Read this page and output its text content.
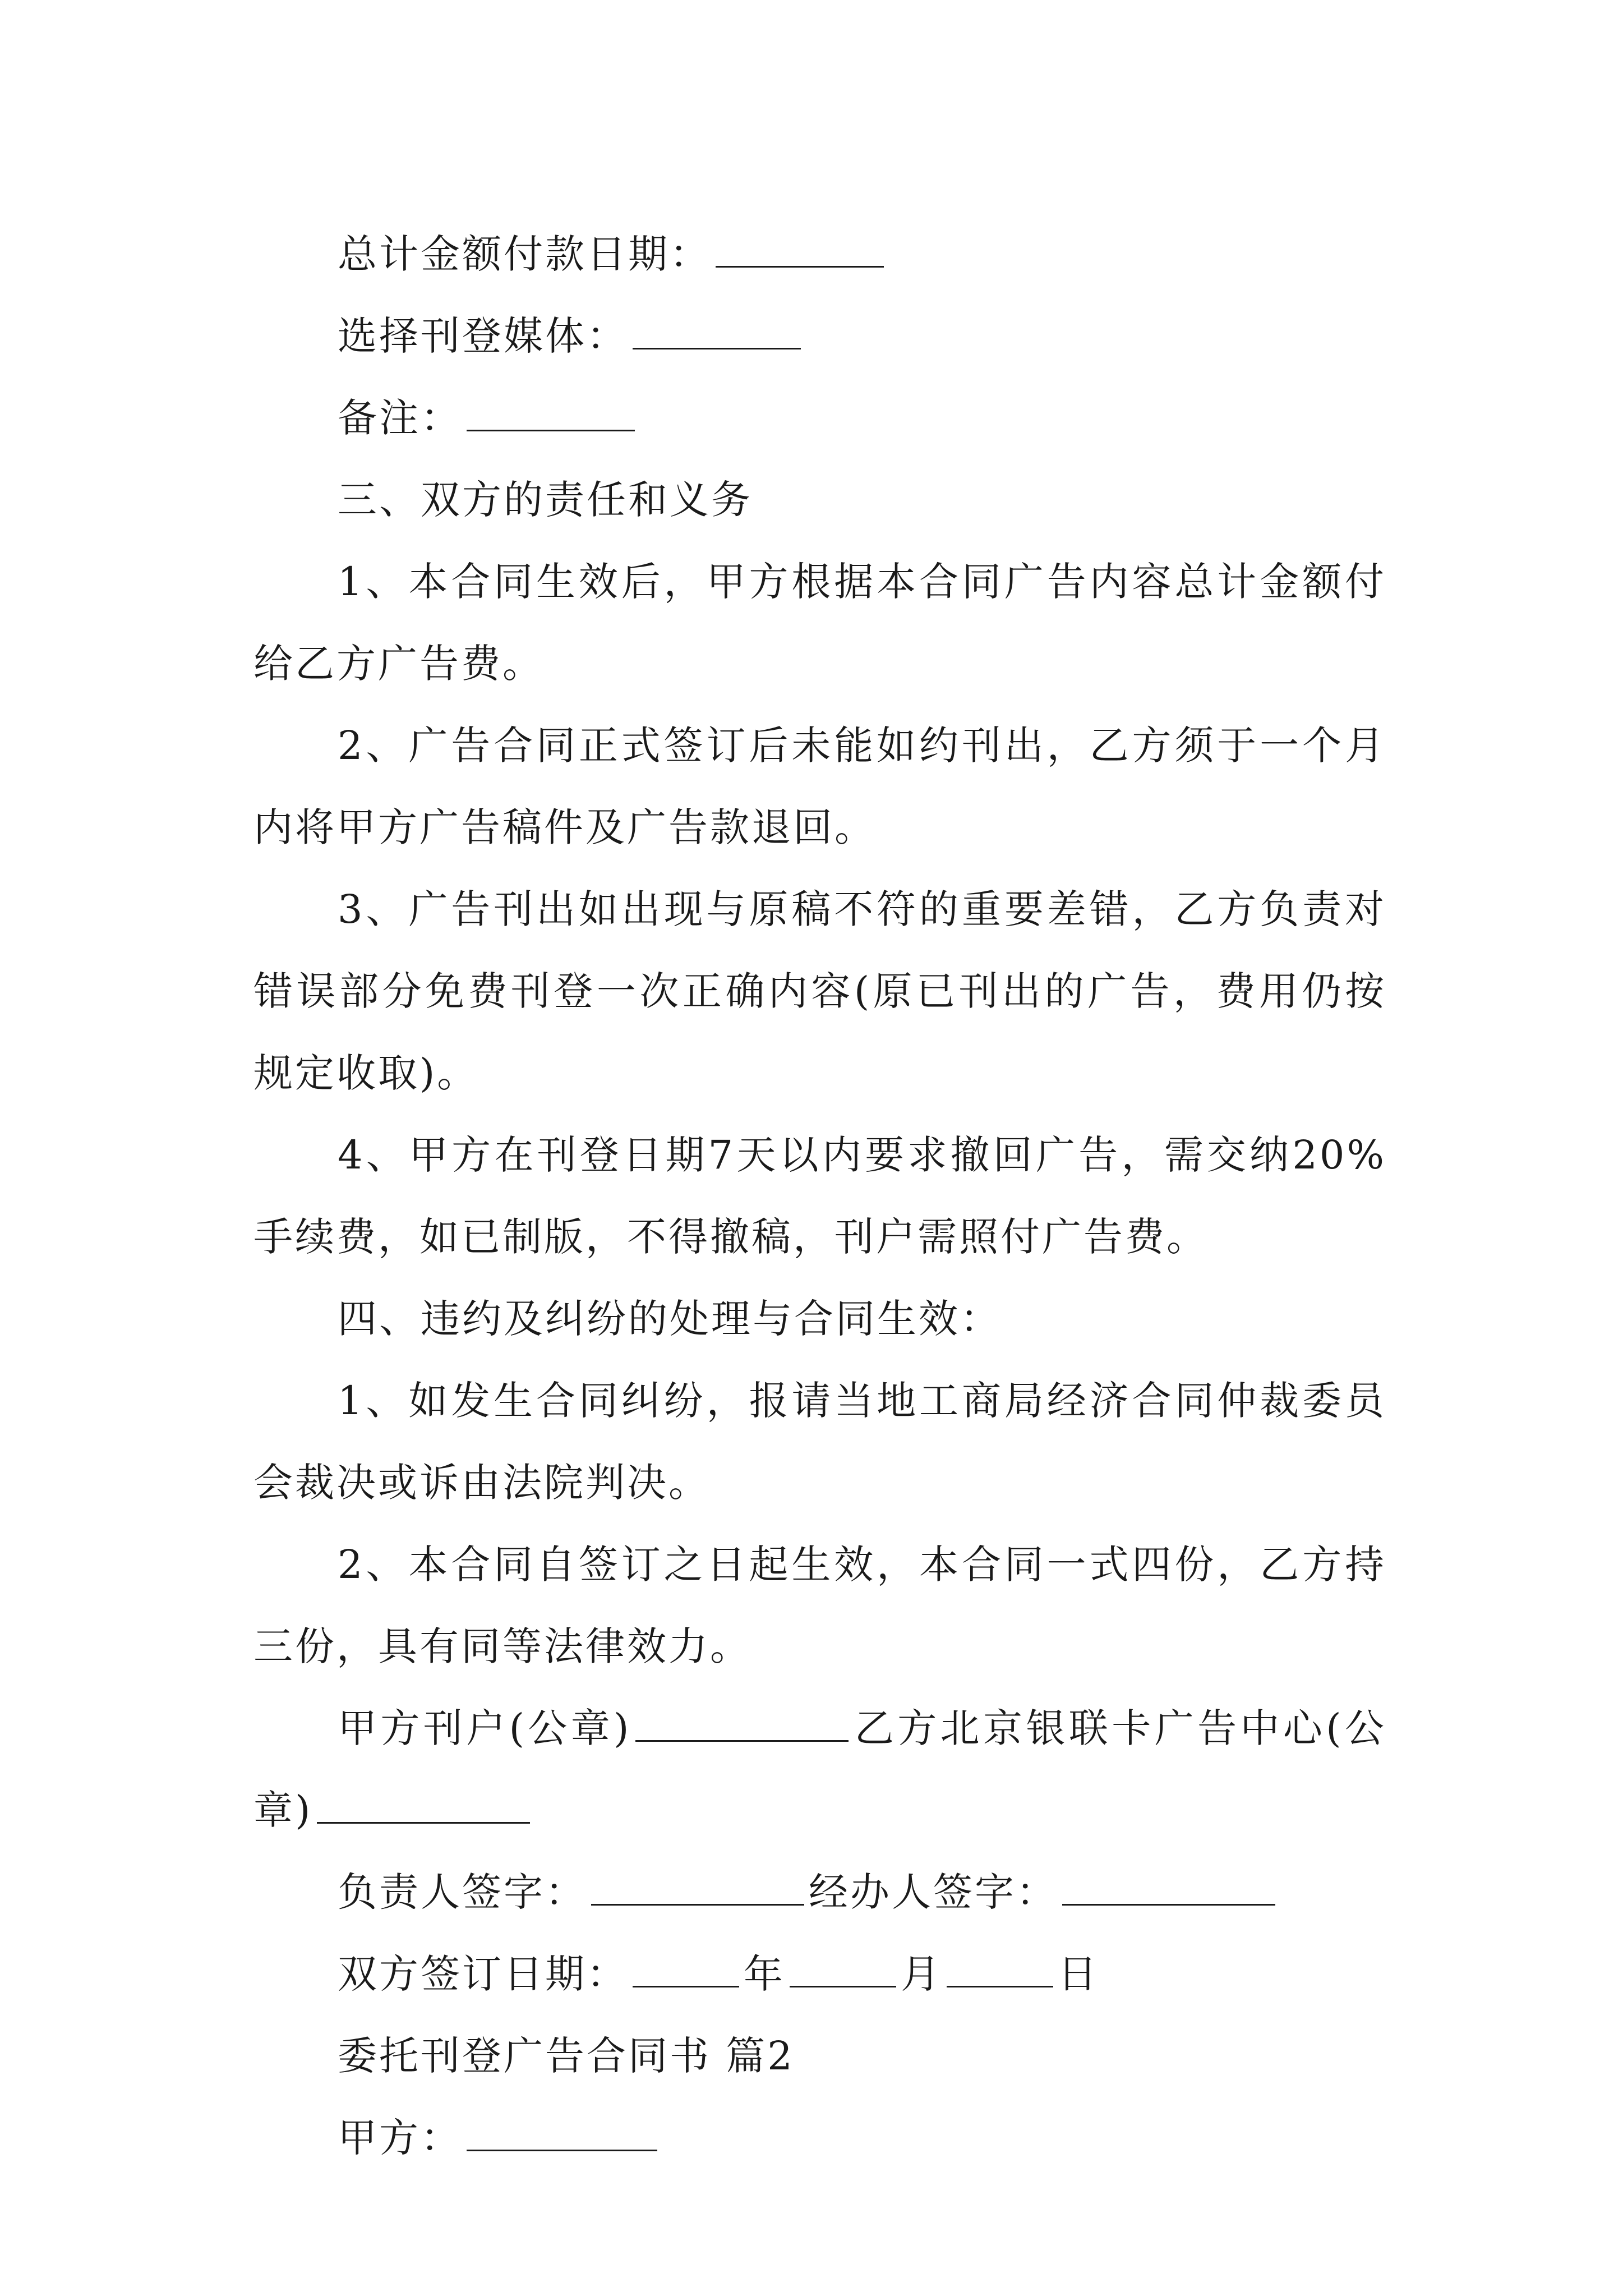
总计金额付款日期：
选择刊登媒体：
备注：
三、双方的责任和义务

1、本合同生效后，甲方根据本合同广告内容总计金额付给乙方广告费。

2、广告合同正式签订后未能如约刊出，乙方须于一个月内将甲方广告稿件及广告款退回。

3、广告刊出如出现与原稿不符的重要差错，乙方负责对错误部分免费刊登一次正确内容(原已刊出的广告，费用仍按规定收取)。

4、甲方在刊登日期7天以内要求撤回广告，需交纳20%手续费，如已制版，不得撤稿，刊户需照付广告费。

四、违约及纠纷的处理与合同生效：

1、如发生合同纠纷，报请当地工商局经济合同仲裁委员会裁决或诉由法院判决。

2、本合同自签订之日起生效，本合同一式四份，乙方持三份，具有同等法律效力。

甲方刊户(公章)	乙方北京银联卡广告中心(公章)

负责人签字：	经办人签字：
双方签订日期：	年	月	日
委托刊登广告合同书 篇2
甲方：
